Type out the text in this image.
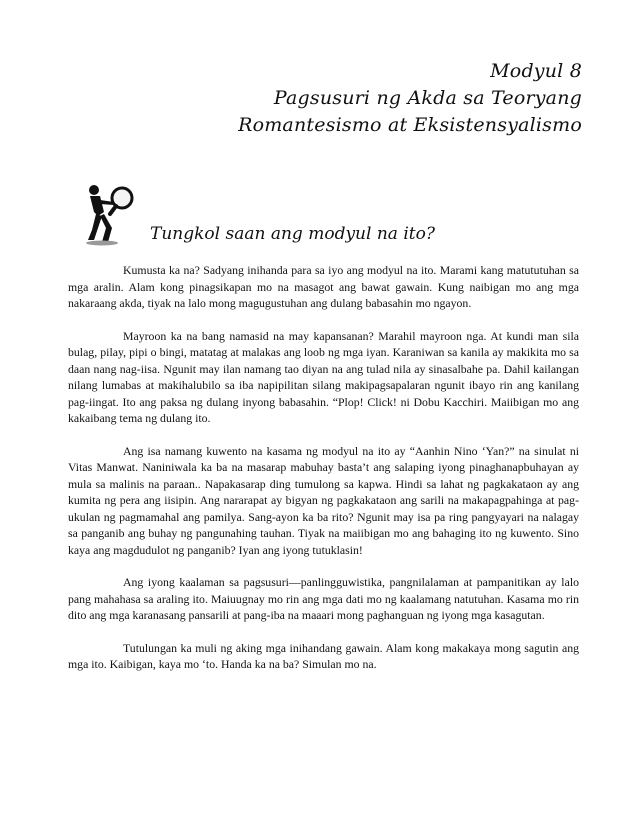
Modyul 8
Pagsusuri ng Akda sa Teoryang
Romantesismo at Eksistensyalismo
Tungkol saan ang modyul na ito?

Kumusta ka na? Sadyang inihanda para sa iyo ang modyul na ito. Marami kang matututuhan sa mga aralin. Alam kong pinagsikapan mo na masagot ang bawat gawain. Kung naibigan mo ang mga nakaraang akda, tiyak na lalo mong magugustuhan ang dulang babasahin mo ngayon.

Mayroon ka na bang namasid na may kapansanan? Marahil mayroon nga. At kundi man sila bulag, pilay, pipi o bingi, matatag at malakas ang loob ng mga iyan. Karaniwan sa kanila ay makikita mo sa daan nang nag-iisa. Ngunit may ilan namang tao diyan na ang tulad nila ay sinasalbahe pa. Dahil kailangan nilang lumabas at makihalubilo sa iba napipilitan silang makipagsapalaran ngunit ibayo rin ang kanilang pag-iingat. Ito ang paksa ng dulang inyong babasahin. “Plop! Click! ni Dobu Kacchiri. Maiibigan mo ang kakaibang tema ng dulang ito.

Ang isa namang kuwento na kasama ng modyul na ito ay “Aanhin Nino ‘Yan?” na sinulat ni Vitas Manwat. Naniniwala ka ba na masarap mabuhay basta’t ang salaping iyong pinaghanapbuhayan ay mula sa malinis na paraan.. Napakasarap ding tumulong sa kapwa. Hindi sa lahat ng pagkakataon ay ang kumita ng pera ang iisipin. Ang nararapat ay bigyan ng pagkakataon ang sarili na makapagpahinga at pag-ukulan ng pagmamahal ang pamilya. Sang-ayon ka ba rito? Ngunit may isa pa ring pangyayari na nalagay sa panganib ang buhay ng pangunahing tauhan. Tiyak na maiibigan mo ang bahaging ito ng kuwento. Sino kaya ang magdudulot ng panganib? Iyan ang iyong tutuklasin!

Ang iyong kaalaman sa pagsusuri—panlingguwistika, pangnilalaman at pampanitikan ay lalo pang mahahasa sa araling ito. Maiuugnay mo rin ang mga dati mo ng kaalamang natutuhan. Kasama mo rin dito ang mga karanasang pansarili at pang-iba na maaari mong paghanguan ng iyong mga kasagutan.

Tutulungan ka muli ng aking mga inihandang gawain. Alam kong makakaya mong sagutin ang mga ito. Kaibigan, kaya mo ‘to. Handa ka na ba? Simulan mo na.
